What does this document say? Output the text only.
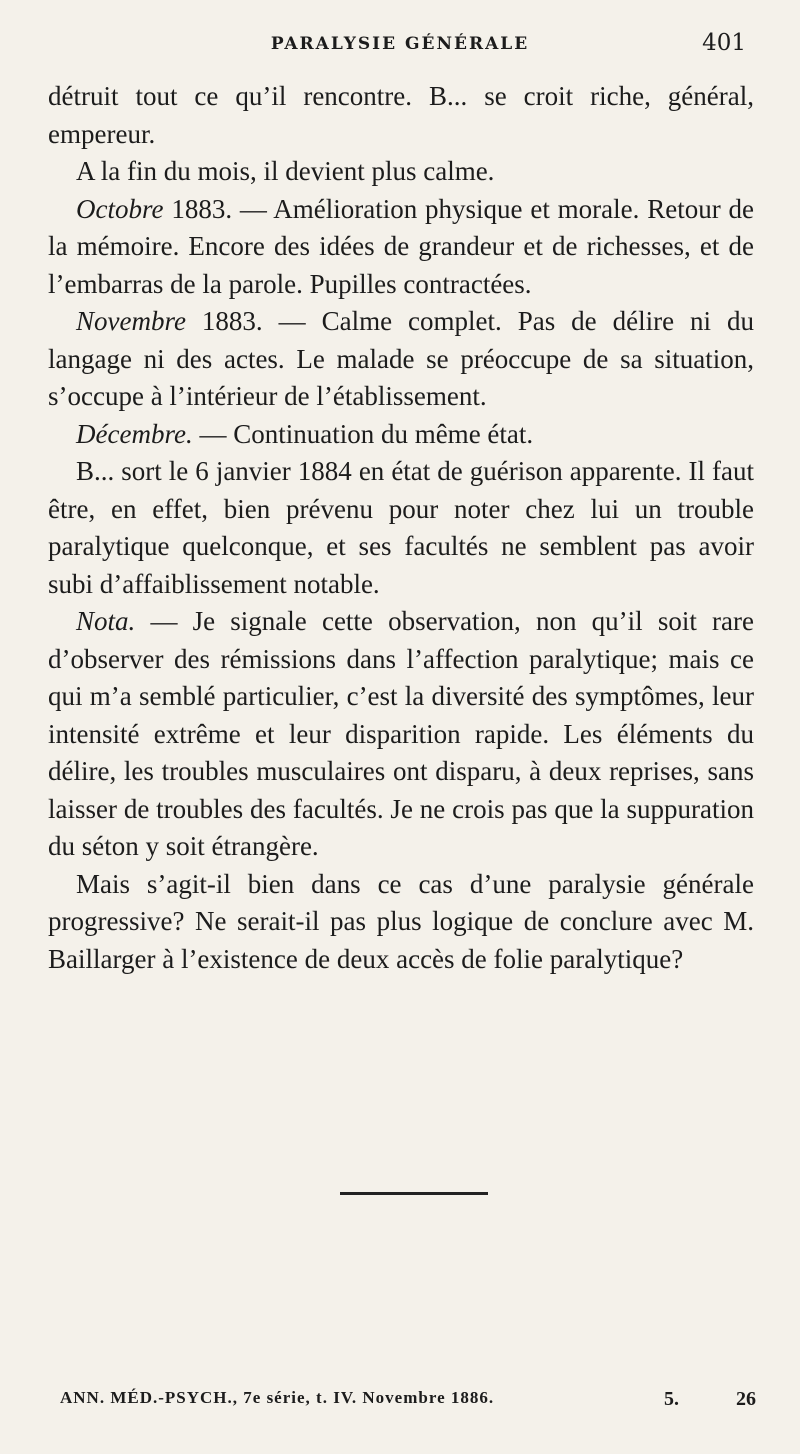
PARALYSIE GÉNÉRALE	401

détruit tout ce qu’il rencontre. B... se croit riche, général, empereur.

A la fin du mois, il devient plus calme.

Octobre 1883. — Amélioration physique et morale. Retour de la mémoire. Encore des idées de grandeur et de richesses, et de l’embarras de la parole. Pupilles contractées.

Novembre 1883. — Calme complet. Pas de délire ni du langage ni des actes. Le malade se préoccupe de sa situation, s’occupe à l’intérieur de l’établissement.

Décembre. — Continuation du même état.

B... sort le 6 janvier 1884 en état de guérison apparente. Il faut être, en effet, bien prévenu pour noter chez lui un trouble paralytique quelconque, et ses facultés ne semblent pas avoir subi d’affaiblissement notable.

Nota. — Je signale cette observation, non qu’il soit rare d’observer des rémissions dans l’affection paralytique; mais ce qui m’a semblé particulier, c’est la diversité des symptômes, leur intensité extrême et leur disparition rapide. Les éléments du délire, les troubles musculaires ont disparu, à deux reprises, sans laisser de troubles des facultés. Je ne crois pas que la suppuration du séton y soit étrangère.

Mais s’agit-il bien dans ce cas d’une paralysie générale progressive? Ne serait-il pas plus logique de conclure avec M. Baillarger à l’existence de deux accès de folie paralytique?

ANN. MÉD.-PSYCH., 7e série, t. IV. Novembre 1886.	5.	26
